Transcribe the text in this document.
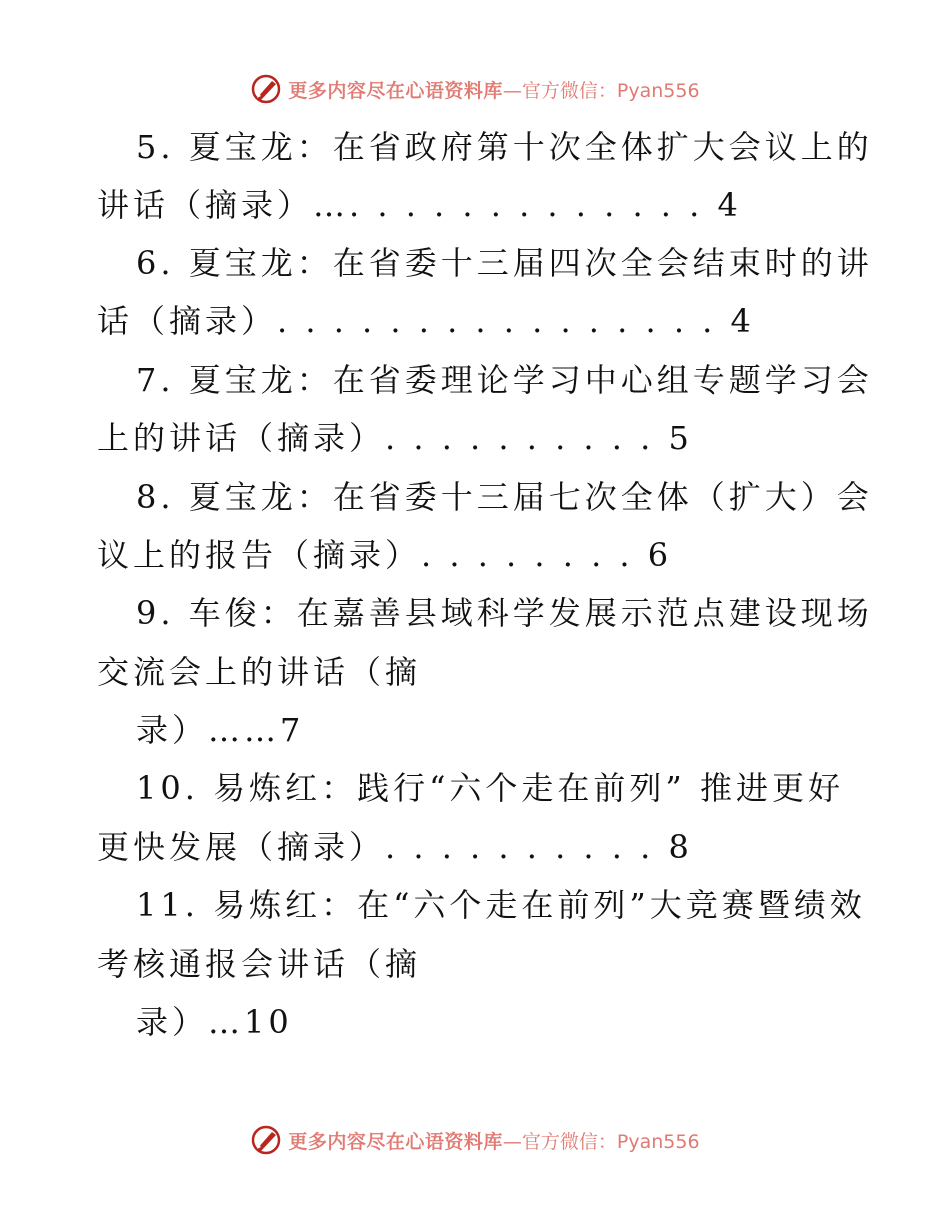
更多内容尽在心语资料库 —官方微信：Pyan556
5. 夏宝龙：在省政府第十次全体扩大会议上的
讲话（摘录）…. . . . . . . . . . . . . 4
6. 夏宝龙：在省委十三届四次全会结束时的讲
话（摘录）. . . . . . . . . . . . . . . . 4
7. 夏宝龙：在省委理论学习中心组专题学习会
上的讲话（摘录）. . . . . . . . . . 5
8. 夏宝龙：在省委十三届七次全体（扩大）会
议上的报告（摘录）. . . . . . . . 6
9. 车俊：在嘉善县域科学发展示范点建设现场
交流会上的讲话（摘
录）……7
10. 易炼红：践行“六个走在前列” 推进更好
更快发展（摘录）. . . . . . . . . . 8
11. 易炼红：在“六个走在前列”大竞赛暨绩效
考核通报会讲话（摘
录）…10
更多内容尽在心语资料库 —官方微信：Pyan556
